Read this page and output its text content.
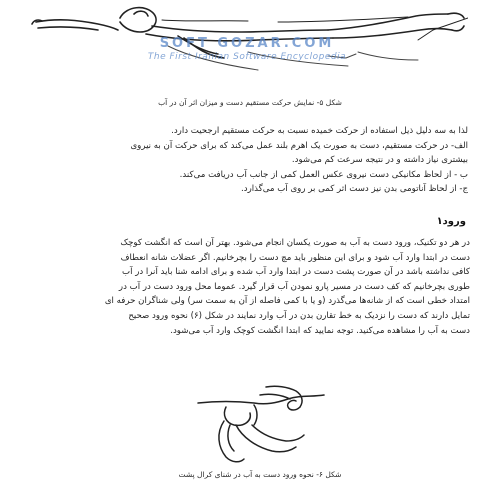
SOFT GOZAR.COM
The First Iranian Software Encyclopedia
شکل ۵- نمایش حرکت مستقیم دست و میزان اثر آن در آب
لذا به سه دلیل ذیل استفاده از حرکت خمیده نسبت به حرکت مستقیم ارجحیت دارد.
الف- در حرکت مستقیم، دست به صورت یک اهرم بلند عمل می‌کند که برای حرکت آن به نیروی
بیشتری نیاز داشته و در نتیجه سرعت کم می‌شود.
ب - از لحاظ مکانیکی دست نیروی عکس العمل کمی از جانب آب دریافت می‌کند.
ج- از لحاظ آناتومی بدن نیز دست اثر کمی بر روی آب می‌گذارد.
ورود١
در هر دو تکنیک، ورود دست به آب به صورت یکسان انجام می‌شود. بهتر آن است که انگشت کوچک
دست در ابتدا وارد آب شود و برای این منظور باید مچ دست را بچرخانیم. اگر عضلات شانه انعطاف
کافی نداشته باشد در آن صورت پشت دست در ابتدا وارد آب شده و برای ادامه شنا باید آنرا در آب
طوری بچرخانیم که کف دست در مسیر پارو نمودن آب قرار گیرد. عموما محل ورود دست در آب در
امتداد خطی است که از شانه‌ها می‌گذرد (و یا با کمی فاصله از آن به سمت سر) ولی شناگران حرفه ای
تمایل دارند که دست را نزدیک به خط تقارن بدن در آب وارد نمایند در شکل (۶) نحوه ورود صحیح
دست به آب را مشاهده می‌کنید. توجه نمایید که ابتدا انگشت کوچک وارد آب می‌شود.
شکل ۶- نحوه ورود دست به آب در شنای کرال پشت
